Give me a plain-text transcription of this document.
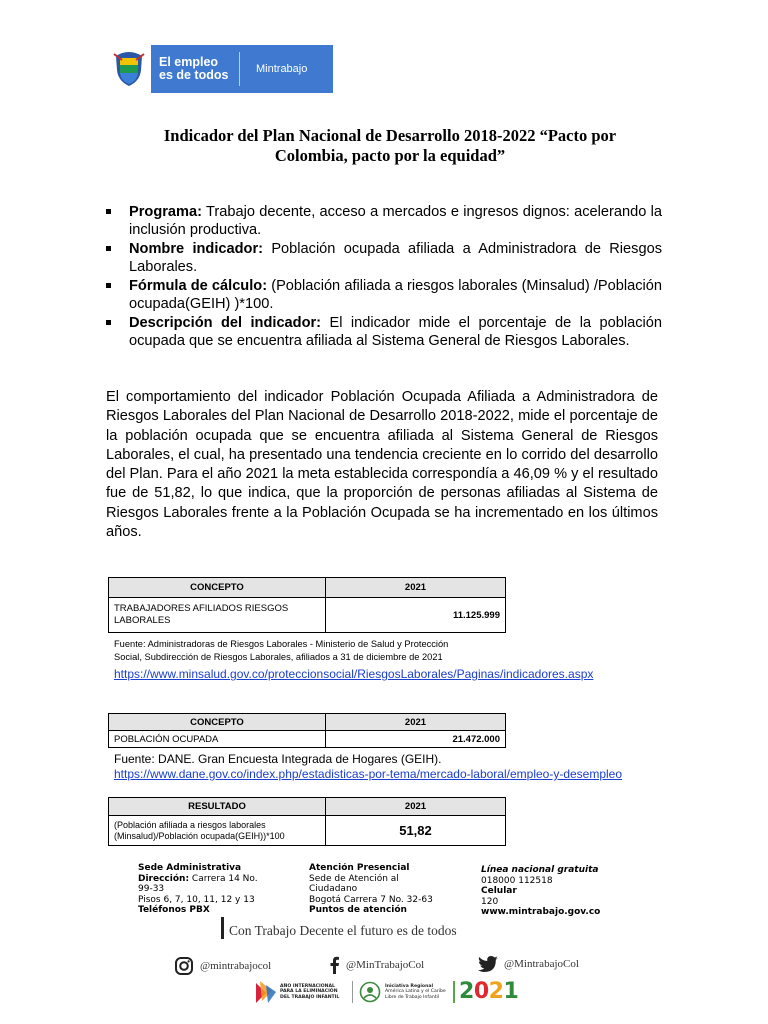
El empleo
es de todos	Mintrabajo
Indicador del Plan Nacional de Desarrollo 2018-2022 “Pacto por
Colombia, pacto por la equidad”
Programa: Trabajo decente, acceso a mercados e ingresos dignos: acelerando la inclusión productiva.
Nombre indicador: Población ocupada afiliada a Administradora de Riesgos Laborales.
Fórmula de cálculo: (Población afiliada a riesgos laborales (Minsalud) /Población ocupada(GEIH) )*100.
Descripción del indicador: El indicador mide el porcentaje de la población ocupada que se encuentra afiliada al Sistema General de Riesgos Laborales.
El comportamiento del indicador Población Ocupada Afiliada a Administradora de Riesgos Laborales del Plan Nacional de Desarrollo 2018-2022, mide el porcentaje de la población ocupada que se encuentra afiliada al Sistema General de Riesgos Laborales, el cual, ha presentado una tendencia creciente en lo corrido del desarrollo del Plan. Para el año 2021 la meta establecida correspondía a 46,09 % y el resultado fue de 51,82, lo que indica, que la proporción de personas afiliadas al Sistema de Riesgos Laborales frente a la Población Ocupada se ha incrementado en los últimos años.
CONCEPTO	2021
TRABAJADORES AFILIADOS RIESGOS LABORALES	11.125.999
Fuente: Administradoras de Riesgos Laborales - Ministerio de Salud y Protección
Social, Subdirección de Riesgos Laborales, afiliados a 31 de diciembre de 2021
https://www.minsalud.gov.co/proteccionsocial/RiesgosLaborales/Paginas/indicadores.aspx
CONCEPTO	2021
POBLACIÓN OCUPADA	21.472.000
Fuente: DANE. Gran Encuesta Integrada de Hogares (GEIH).
https://www.dane.gov.co/index.php/estadisticas-por-tema/mercado-laboral/empleo-y-desempleo
RESULTADO	2021

(Población afiliada a riesgos laborales
(Minsalud)/Población ocupada(GEIH))*100	51,82
Sede Administrativa
Dirección: Carrera 14 No.
99-33
Pisos 6, 7, 10, 11, 12 y 13
Teléfonos PBX
Atención Presencial
Sede de Atención al
Ciudadano
Bogotá Carrera 7 No. 32-63
Puntos de atención
Línea nacional gratuita
018000 112518
Celular
120
www.mintrabajo.gov.co
Con Trabajo Decente el futuro es de todos
@mintrabajocol	@MinTrabajoCol	@MintrabajoCol
AÑO INTERNACIONAL
PARA LA ELIMINACIÓN
DEL TRABAJO INFANTIL
Iniciativa Regional
América Latina y el Caribe
Libre de Trabajo Infantil 2021
